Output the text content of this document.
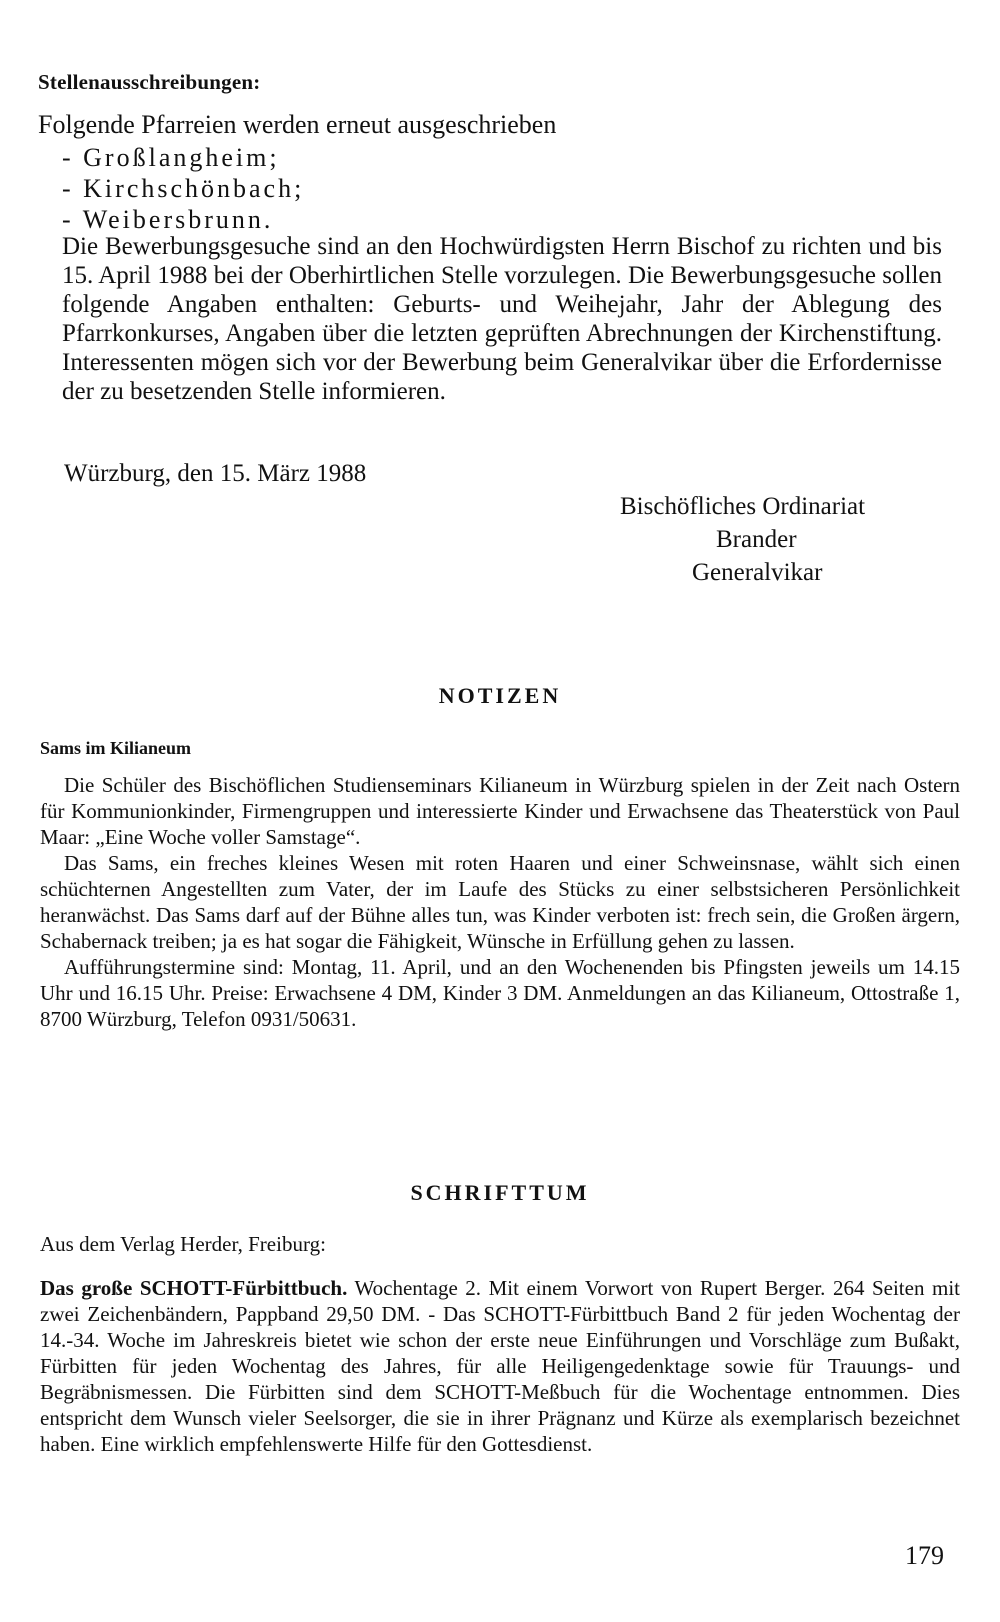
Stellenausschreibungen:
Folgende Pfarreien werden erneut ausgeschrieben
- Großlangheim;
- Kirchschönbach;
- Weibersbrunn.
Die Bewerbungsgesuche sind an den Hochwürdigsten Herrn Bischof zu richten und bis 15. April 1988 bei der Oberhirtlichen Stelle vorzulegen. Die Bewerbungsgesuche sollen folgende Angaben enthalten: Geburts- und Weihejahr, Jahr der Ablegung des Pfarrkonkurses, Angaben über die letzten geprüften Abrechnungen der Kirchenstiftung. Interessenten mögen sich vor der Bewerbung beim Generalvikar über die Erfordernisse der zu besetzenden Stelle informieren.
Würzburg, den 15. März 1988
Bischöfliches Ordinariat
Brander
Generalvikar
NOTIZEN
Sams im Kilianeum

Die Schüler des Bischöflichen Studienseminars Kilianeum in Würzburg spielen in der Zeit nach Ostern für Kommunionkinder, Firmengruppen und interessierte Kinder und Erwachsene das Theaterstück von Paul Maar: „Eine Woche voller Samstage“.

Das Sams, ein freches kleines Wesen mit roten Haaren und einer Schweinsnase, wählt sich einen schüchternen Angestellten zum Vater, der im Laufe des Stücks zu einer selbstsicheren Persönlichkeit heranwächst. Das Sams darf auf der Bühne alles tun, was Kinder verboten ist: frech sein, die Großen ärgern, Schabernack treiben; ja es hat sogar die Fähigkeit, Wünsche in Erfüllung gehen zu lassen.

Aufführungstermine sind: Montag, 11. April, und an den Wochenenden bis Pfingsten jeweils um 14.15 Uhr und 16.15 Uhr. Preise: Erwachsene 4 DM, Kinder 3 DM. Anmeldungen an das Kilianeum, Ottostraße 1, 8700 Würzburg, Telefon 0931/50631.

SCHRIFTTUM
Aus dem Verlag Herder, Freiburg:
Das große SCHOTT-Fürbittbuch. Wochentage 2. Mit einem Vorwort von Rupert Berger. 264 Seiten mit zwei Zeichenbändern, Pappband 29,50 DM. - Das SCHOTT-Fürbittbuch Band 2 für jeden Wochentag der 14.-34. Woche im Jahreskreis bietet wie schon der erste neue Einführungen und Vorschläge zum Bußakt, Fürbitten für jeden Wochentag des Jahres, für alle Heiligengedenktage sowie für Trauungs- und Begräbnismessen. Die Fürbitten sind dem SCHOTT-Meßbuch für die Wochentage entnommen. Dies entspricht dem Wunsch vieler Seelsorger, die sie in ihrer Prägnanz und Kürze als exemplarisch bezeichnet haben. Eine wirklich empfehlenswerte Hilfe für den Gottesdienst.
179
